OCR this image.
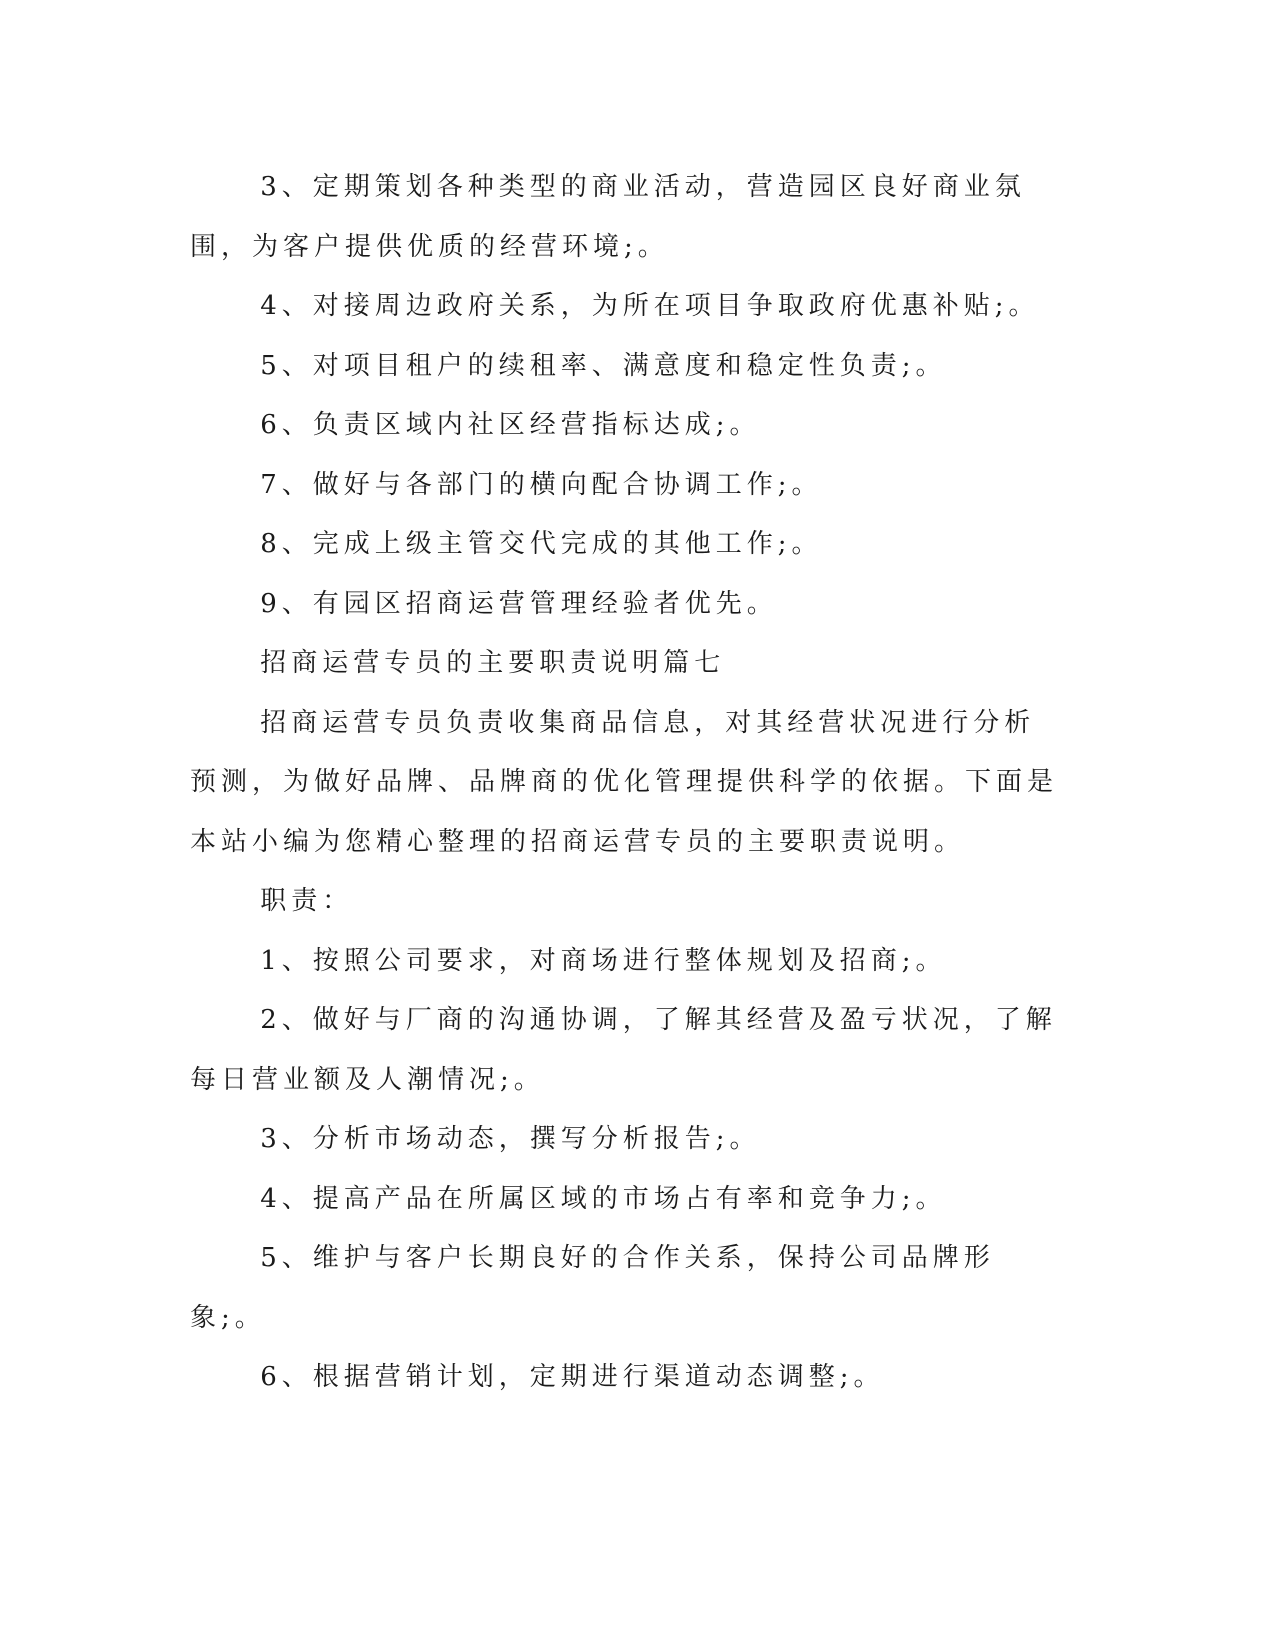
3、定期策划各种类型的商业活动，营造园区良好商业氛围，为客户提供优质的经营环境;。

4、对接周边政府关系，为所在项目争取政府优惠补贴;。

5、对项目租户的续租率、满意度和稳定性负责;。

6、负责区域内社区经营指标达成;。

7、做好与各部门的横向配合协调工作;。

8、完成上级主管交代完成的其他工作;。

9、有园区招商运营管理经验者优先。

招商运营专员的主要职责说明篇七

招商运营专员负责收集商品信息，对其经营状况进行分析预测，为做好品牌、品牌商的优化管理提供科学的依据。下面是本站小编为您精心整理的招商运营专员的主要职责说明。

职责：

1、按照公司要求，对商场进行整体规划及招商;。

2、做好与厂商的沟通协调，了解其经营及盈亏状况，了解每日营业额及人潮情况;。

3、分析市场动态，撰写分析报告;。

4、提高产品在所属区域的市场占有率和竞争力;。

5、维护与客户长期良好的合作关系，保持公司品牌形象;。

6、根据营销计划，定期进行渠道动态调整;。
